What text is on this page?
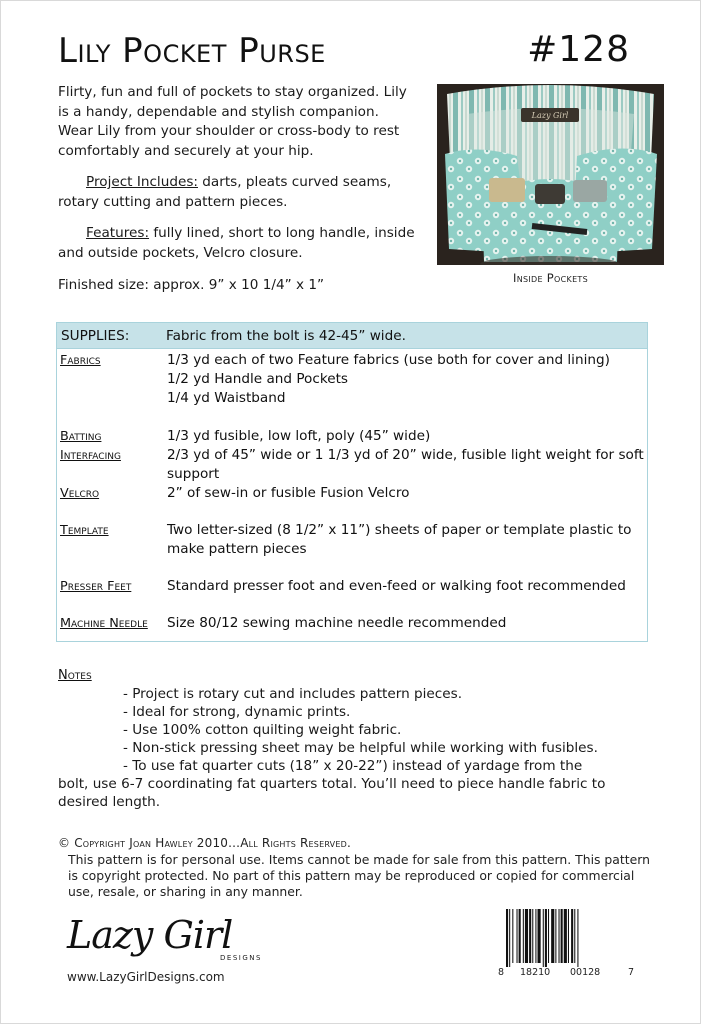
Lily Pocket Purse	#128

Flirty, fun and full of pockets to stay organized. Lily is a handy, dependable and stylish companion. Wear Lily from your shoulder or cross-body to rest comfortably and securely at your hip.

Project Includes: darts, pleats curved seams, rotary cutting and pattern pieces.

Features: fully lined, short to long handle, inside and outside pockets, Velcro closure.

Finished size: approx. 9” x 10 1/4” x 1”
Lazy Girl
Inside Pockets
SUPPLIES:	Fabric from the bolt is 42-45” wide.
Fabrics	1/3 yd each of two Feature fabrics (use both for cover and lining)
1/2 yd Handle and Pockets
1/4 yd Waistband
Batting	1/3 yd fusible, low loft, poly (45” wide)
Interfacing	2/3 yd of 45” wide or 1 1/3 yd of 20” wide, fusible light weight for soft support
Velcro	2” of sew-in or fusible Fusion Velcro
Template	Two letter-sized (8 1/2” x 11”) sheets of paper or template plastic to make pattern pieces
Presser Feet	Standard presser foot and even-feed or walking foot recommended
Machine Needle	Size 80/12 sewing machine needle recommended
Notes
- Project is rotary cut and includes pattern pieces.
- Ideal for strong, dynamic prints.
- Use 100% cotton quilting weight fabric.
- Non-stick pressing sheet may be helpful while working with fusibles.
- To use fat quarter cuts (18” x 20-22”) instead of yardage from the
bolt, use 6-7 coordinating fat quarters total. You’ll need to piece handle fabric to desired length.
© Copyright Joan Hawley 2010...All Rights Reserved.
This pattern is for personal use. Items cannot be made for sale from this pattern. This pattern is copyright protected. No part of this pattern may be reproduced or copied for commercial use, resale, or sharing in any manner.
Lazy Girl
DESIGNS
www.LazyGirlDesigns.com	8	18210	00128	7
